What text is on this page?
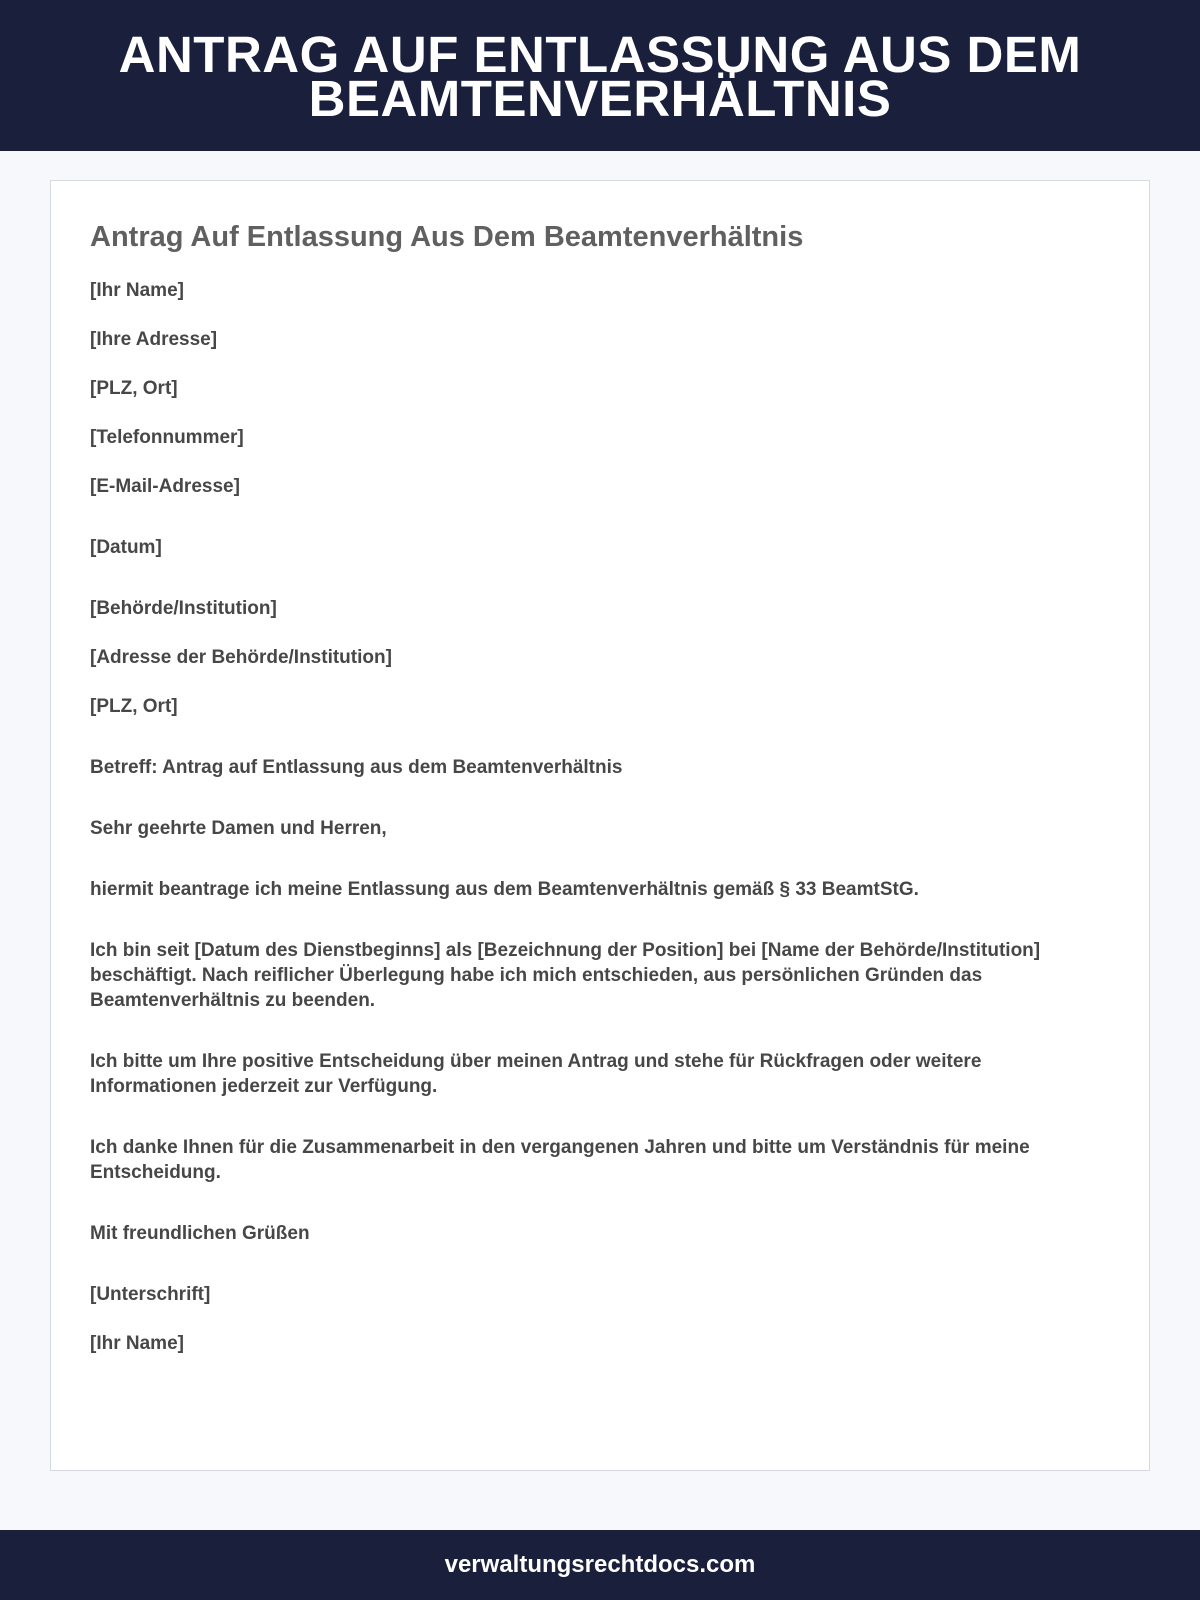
ANTRAG AUF ENTLASSUNG AUS DEM BEAMTENVERHÄLTNIS
Antrag Auf Entlassung Aus Dem Beamtenverhältnis
[Ihr Name]
[Ihre Adresse]
[PLZ, Ort]
[Telefonnummer]
[E-Mail-Adresse]
[Datum]
[Behörde/Institution]
[Adresse der Behörde/Institution]
[PLZ, Ort]
Betreff: Antrag auf Entlassung aus dem Beamtenverhältnis
Sehr geehrte Damen und Herren,
hiermit beantrage ich meine Entlassung aus dem Beamtenverhältnis gemäß § 33 BeamtStG.
Ich bin seit [Datum des Dienstbeginns] als [Bezeichnung der Position] bei [Name der Behörde/Institution] beschäftigt. Nach reiflicher Überlegung habe ich mich entschieden, aus persönlichen Gründen das Beamtenverhältnis zu beenden.
Ich bitte um Ihre positive Entscheidung über meinen Antrag und stehe für Rückfragen oder weitere Informationen jederzeit zur Verfügung.
Ich danke Ihnen für die Zusammenarbeit in den vergangenen Jahren und bitte um Verständnis für meine Entscheidung.
Mit freundlichen Grüßen
[Unterschrift]
[Ihr Name]
verwaltungsrechtdocs.com
